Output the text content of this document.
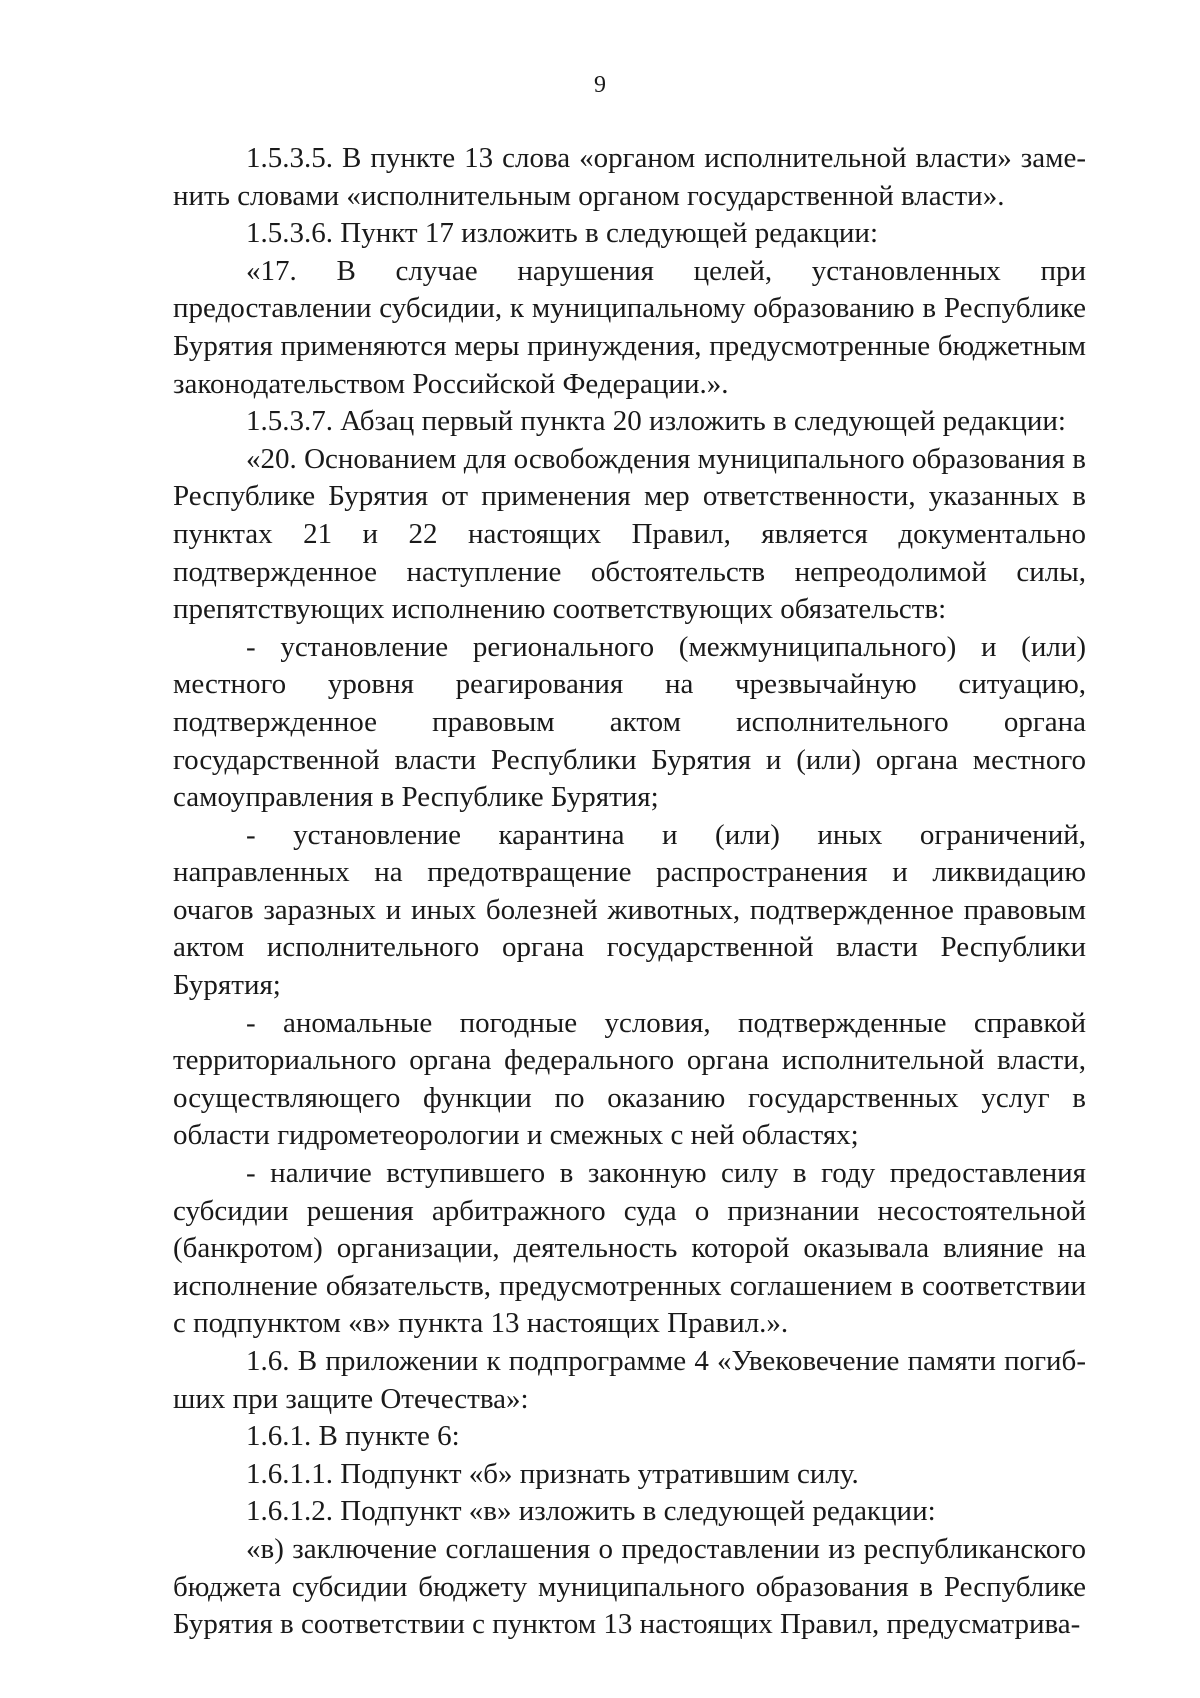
9

1.5.3.5. В пункте 13 слова «органом исполнительной власти» заменить словами «исполнительным органом государственной власти».

1.5.3.6. Пункт 17 изложить в следующей редакции:

«17. В случае нарушения целей, установленных при предоставлении субсидии, к муниципальному образованию в Республике Бурятия применяются меры принуждения, предусмотренные бюджетным законодательством Российской Федерации.».

1.5.3.7. Абзац первый пункта 20 изложить в следующей редакции:

«20. Основанием для освобождения муниципального образования в Республике Бурятия от применения мер ответственности, указанных в пунктах 21 и 22 настоящих Правил, является документально подтвержденное наступление обстоятельств непреодолимой силы, препятствующих исполнению соответствующих обязательств:

- установление регионального (межмуниципального) и (или) местного уровня реагирования на чрезвычайную ситуацию, подтвержденное правовым актом исполнительного органа государственной власти Республики Бурятия и (или) органа местного самоуправления в Республике Бурятия;

- установление карантина и (или) иных ограничений, направленных на предотвращение распространения и ликвидацию очагов заразных и иных болезней животных, подтвержденное правовым актом исполнительного органа государственной власти Республики Бурятия;

- аномальные погодные условия, подтвержденные справкой территориального органа федерального органа исполнительной власти, осуществляющего функции по оказанию государственных услуг в области гидрометеорологии и смежных с ней областях;

- наличие вступившего в законную силу в году предоставления субсидии решения арбитражного суда о признании несостоятельной (банкротом) организации, деятельность которой оказывала влияние на исполнение обязательств, предусмотренных соглашением в соответствии с подпунктом «в» пункта 13 настоящих Правил.».

1.6. В приложении к подпрограмме 4 «Увековечение памяти погибших при защите Отечества»:

1.6.1. В пункте 6:

1.6.1.1. Подпункт «б» признать утратившим силу.

1.6.1.2. Подпункт «в» изложить в следующей редакции:

«в) заключение соглашения о предоставлении из республиканского бюджета субсидии бюджету муниципального образования в Республике Бурятия в соответствии с пунктом 13 настоящих Правил, предусматрива-
